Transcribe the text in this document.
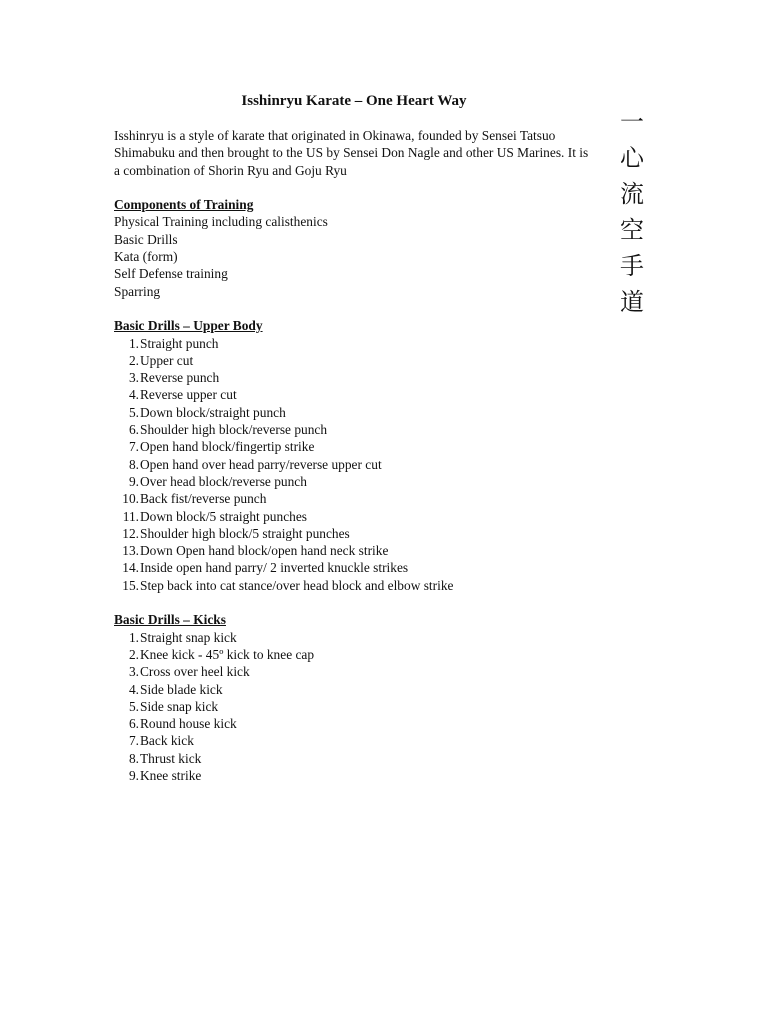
Isshinryu Karate – One Heart Way
一
心
流
空
手
道

Isshinryu is a style of karate that originated in Okinawa, founded by Sensei Tatsuo Shimabuku and then brought to the US by Sensei Don Nagle and other US Marines. It is a combination of Shorin Ryu and Goju Ryu

Components of Training
Physical Training including calisthenics
Basic Drills
Kata (form)
Self Defense training
Sparring
Basic Drills – Upper Body
1. Straight punch
2. Upper cut
3. Reverse punch
4. Reverse upper cut
5. Down block/straight punch
6. Shoulder high block/reverse punch
7. Open hand block/fingertip strike
8. Open hand over head parry/reverse upper cut
9. Over head block/reverse punch
10. Back fist/reverse punch
11. Down block/5 straight punches
12. Shoulder high block/5 straight punches
13. Down Open hand block/open hand neck strike
14. Inside open hand parry/ 2 inverted knuckle strikes
15. Step back into cat stance/over head block and elbow strike
Basic Drills – Kicks
1. Straight snap kick
2. Knee kick - 45º kick to knee cap
3. Cross over heel kick
4. Side blade kick
5. Side snap kick
6. Round house kick
7. Back kick
8. Thrust kick
9. Knee strike
